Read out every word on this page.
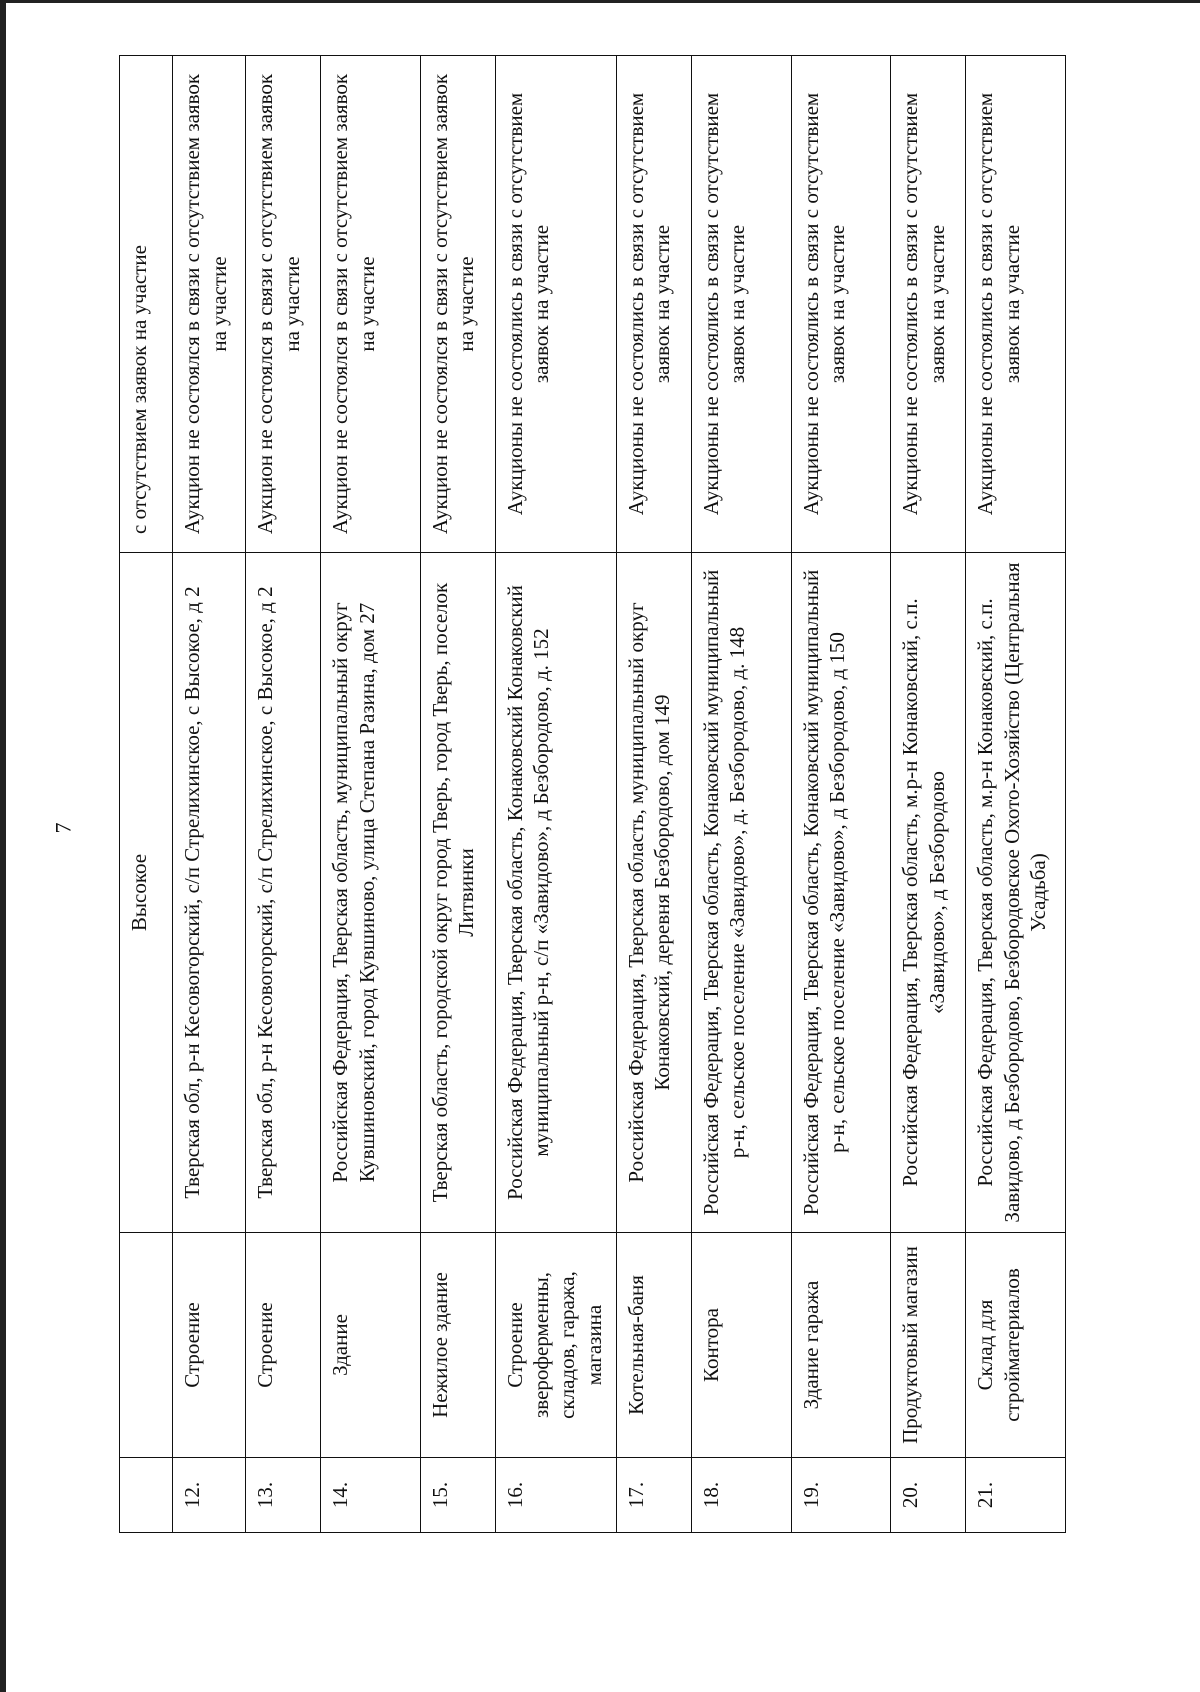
7
		Высокое	с отсутствием заявок на участие
12.	Строение	Тверская обл, р-н Кесовогорский, с/п Стрелихинское, с Высокое, д 2	Аукцион не состоялся в связи с отсутствием заявок на участие
13.	Строение	Тверская обл, р-н Кесовогорский, с/п Стрелихинское, с Высокое, д 2	Аукцион не состоялся в связи с отсутствием заявок на участие
14.	Здание	Российская Федерация, Тверская область, муниципальный округ Кувшиновский, город Кувшиново, улица Степана Разина, дом 27	Аукцион не состоялся в связи с отсутствием заявок на участие
15.	Нежилое здание	Тверская область, городской округ город Тверь, город Тверь, поселок Литвинки	Аукцион не состоялся в связи с отсутствием заявок на участие
16.	Строение звероферменны, складов, гаража, магазина	Российская Федерация, Тверская область, Конаковский Конаковский муниципальный р-н, с/п «Завидово», д Безбородово, д. 152	Аукционы не состоялись в связи с отсутствием заявок на участие
17.	Котельная-баня	Российская Федерация, Тверская область, муниципальный округ Конаковский, деревня Безбородово, дом 149	Аукционы не состоялись в связи с отсутствием заявок на участие
18.	Контора	Российская Федерация, Тверская область, Конаковский муниципальный р-н, сельское поселение «Завидово», д. Безбородово, д. 148	Аукционы не состоялись в связи с отсутствием заявок на участие
19.	Здание гаража	Российская Федерация, Тверская область, Конаковский муниципальный р-н, сельское поселение «Завидово», д Безбородово, д 150	Аукционы не состоялись в связи с отсутствием заявок на участие
20.	Продуктовый магазин	Российская Федерация, Тверская область, м.р-н Конаковский, с.п. «Завидово», д Безбородово	Аукционы не состоялись в связи с отсутствием заявок на участие
21.	Склад для стройматериалов	Российская Федерация, Тверская область, м.р-н Конаковский, с.п. Завидово, д Безбородово, Безбородовское Охото-Хозяйство (Центральная Усадьба)	Аукционы не состоялись в связи с отсутствием заявок на участие
